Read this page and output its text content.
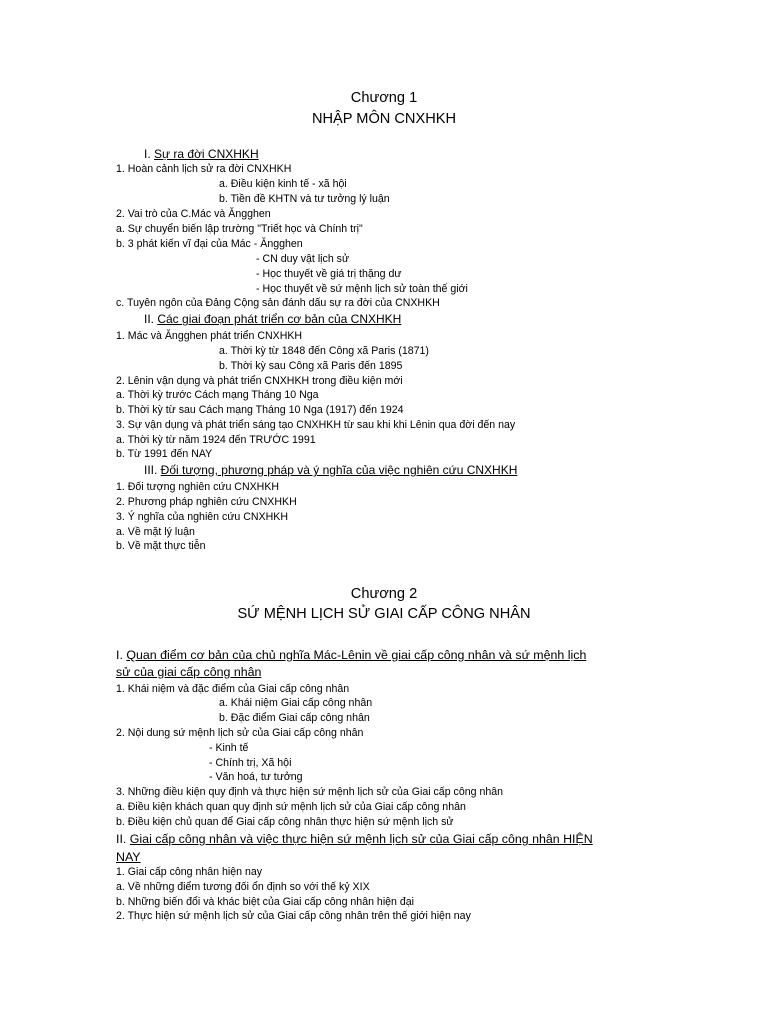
Chương 1
NHẬP MÔN CNXHKH
I. Sự ra đời CNXHKH
1. Hoàn cảnh lịch sử ra đời CNXHKH
a. Điều kiện kinh tế - xã hội
b. Tiền đề KHTN và tư tưởng lý luận
2. Vai trò của C.Mác và Ăngghen
a. Sự chuyển biến lập trường "Triết học và Chính trị"
b. 3 phát kiến vĩ đại của Mác - Ăngghen
- CN duy vật lịch sử
- Học thuyết về giá trị thặng dư
- Học thuyết về sứ mệnh lịch sử toàn thế giới
c. Tuyên ngôn của Đảng Cộng sản đánh dấu sự ra đời của CNXHKH
II. Các giai đoạn phát triển cơ bản của CNXHKH
1. Mác và Ăngghen phát triển CNXHKH
a. Thời kỳ từ 1848 đến Công xã Paris (1871)
b. Thời kỳ sau Công xã Paris đến 1895
2. Lênin vận dụng và phát triển CNXHKH trong điều kiện mới
a. Thời kỳ trước Cách mạng Tháng 10 Nga
b. Thời kỳ từ sau Cách mạng Tháng 10 Nga (1917) đến 1924
3. Sự vận dụng và phát triển sáng tạo CNXHKH từ sau khi khi Lênin qua đời đến nay
a. Thời kỳ từ năm 1924 đến TRƯỚC 1991
b. Từ 1991 đến NAY
III. Đối tượng, phương pháp và ý nghĩa của việc nghiên cứu CNXHKH
1. Đối tượng nghiên cứu CNXHKH
2. Phương pháp nghiên cứu CNXHKH
3. Ý nghĩa của nghiên cứu CNXHKH
a. Về mặt lý luận
b. Về mặt thực tiễn
Chương 2
SỨ MỆNH LỊCH SỬ GIAI CẤP CÔNG NHÂN
I. Quan điểm cơ bản của chủ nghĩa Mác-Lênin về giai cấp công nhân và sứ mệnh lịch
sử của giai cấp công nhân
1. Khái niệm và đặc điểm của Giai cấp công nhân
a. Khái niệm Giai cấp công nhân
b. Đặc điểm Giai cấp công nhân
2. Nội dung sứ mệnh lịch sử của Giai cấp công nhân
- Kinh tế
- Chính trị, Xã hội
- Văn hoá, tư tưởng
3. Những điều kiện quy định và thực hiện sứ mệnh lịch sử của Giai cấp công nhân
a. Điều kiện khách quan quy định sứ mệnh lịch sử của Giai cấp công nhân
b. Điều kiện chủ quan để Giai cấp công nhân thực hiện sứ mệnh lịch sử
II. Giai cấp công nhân và việc thực hiện sứ mệnh lịch sử của Giai cấp công nhân HIỆN
NAY
1. Giai cấp công nhân hiện nay
a. Về những điểm tương đối ổn định so với thế kỷ XIX
b. Những biến đổi và khác biệt của Giai cấp công nhân hiện đại
2. Thực hiện sứ mệnh lịch sử của Giai cấp công nhân trên thế giới hiện nay
